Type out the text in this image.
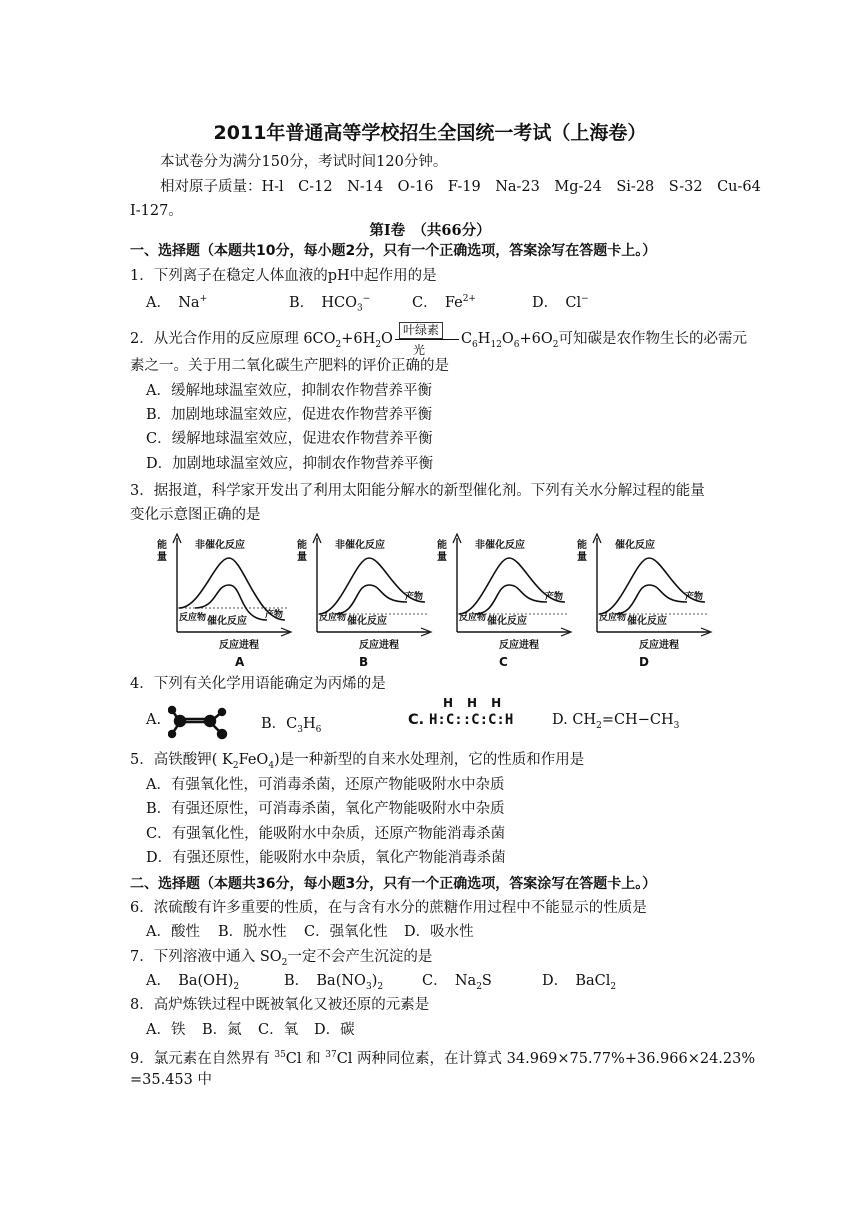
2011年普通高等学校招生全国统一考试（上海卷）
本试卷分为满分150分，考试时间120分钟。
相对原子质量：H-l　C-12　N-14　O-16　F-19　Na-23　Mg-24　Si-28　S-32　Cu-64
I-127。
第I卷　（共66分）
一、选择题（本题共10分，每小题2分，只有一个正确选项，答案涂写在答题卡上。）
1．下列离子在稳定人体血液的pH中起作用的是
A．　Na+	B．　$HCO_3^-$	C．　$Fe^{2+}$	D．　Cl−
2．从光合作用的反应原理 $6CO_2+6H_2O$
叶绿素
光
$C_6H_{12}O_6+6O_2$可知碳是农作物生长的必需元
素之一。关于用二氧化碳生产肥料的评价正确的是
A．缓解地球温室效应，抑制农作物营养平衡
B．加剧地球温室效应，促进农作物营养平衡
C．缓解地球温室效应，促进农作物营养平衡
D．加剧地球温室效应，抑制农作物营养平衡
3．据报道，科学家开发出了利用太阳能分解水的新型催化剂。下列有关水分解过程的能量
变化示意图正确的是
能
量
非催化反应
催化反应
反应物	产物
反应进程
A
能
量
非催化反应
催化反应
反应物
产物
反应进程
B
能
量
非催化反应
催化反应
反应物
产物
反应进程
C
能
量
催化反应
催化反应
反应物
产物
反应进程
D
4．下列有关化学用语能确定为丙烯的是
A.	B．$C_3H_6$
C.
H　H　H
H:C::C:C:H	D. $CH_2=CH-CH_3$
5．高铁酸钾( $K_2FeO_4$)是一种新型的自来水处理剂，它的性质和作用是
A．有强氧化性，可消毒杀菌，还原产物能吸附水中杂质
B．有强还原性，可消毒杀菌，氧化产物能吸附水中杂质
C．有强氧化性，能吸附水中杂质，还原产物能消毒杀菌
D．有强还原性，能吸附水中杂质，氧化产物能消毒杀菌
二、选择题（本题共36分，每小题3分，只有一个正确选项，答案涂写在答题卡上。）
6．浓硫酸有许多重要的性质，在与含有水分的蔗糖作用过程中不能显示的性质是
A．酸性 B．脱水性 C．强氧化性 D．吸水性
7．下列溶液中通入 $SO_2$一定不会产生沉淀的是
A．　$Ba(OH)_2$	B．　$Ba(NO_3)_2$	C．　$Na_2S$	D．　BaCl$_2$
8．高炉炼铁过程中既被氧化又被还原的元素是
A．铁 B．氮 C．氧 D．碳
9．氯元素在自然界有 $^{35}$Cl 和 $^{37}$Cl 两种同位素，在计算式 34.969×75.77%+36.966×24.23%
=35.453 中
